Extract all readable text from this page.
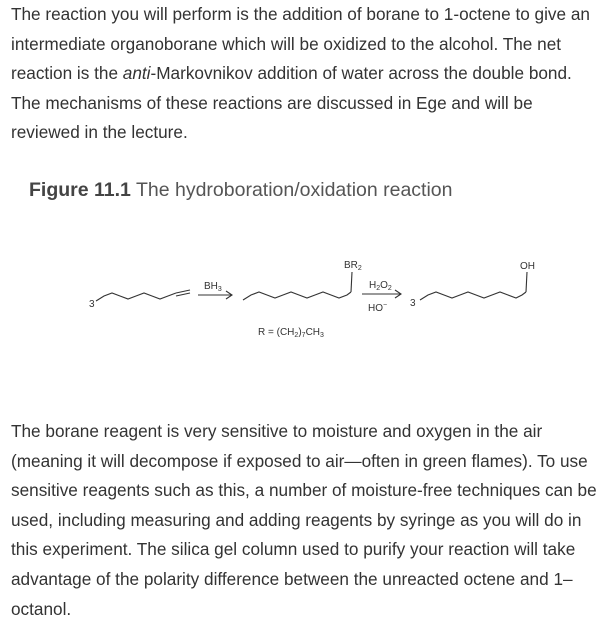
The reaction you will perform is the addition of borane to 1-octene to give an intermediate organoborane which will be oxidized to the alcohol. The net reaction is the anti-Markovnikov addition of water across the double bond. The mechanisms of these reactions are discussed in Ege and will be reviewed in the lecture.

Figure 11.1 The hydroboration/oxidation reaction

3
$BH_3$
$BR_2$
$H_2O_2$
HO− 3
OH
$R = (CH_2)_7CH_3$

The borane reagent is very sensitive to moisture and oxygen in the air (meaning it will decompose if exposed to air—often in green flames). To use sensitive reagents such as this, a number of moisture-free techniques can be used, including measuring and adding reagents by syringe as you will do in this experiment. The silica gel column used to purify your reaction will take advantage of the polarity difference between the unreacted octene and 1–octanol.
